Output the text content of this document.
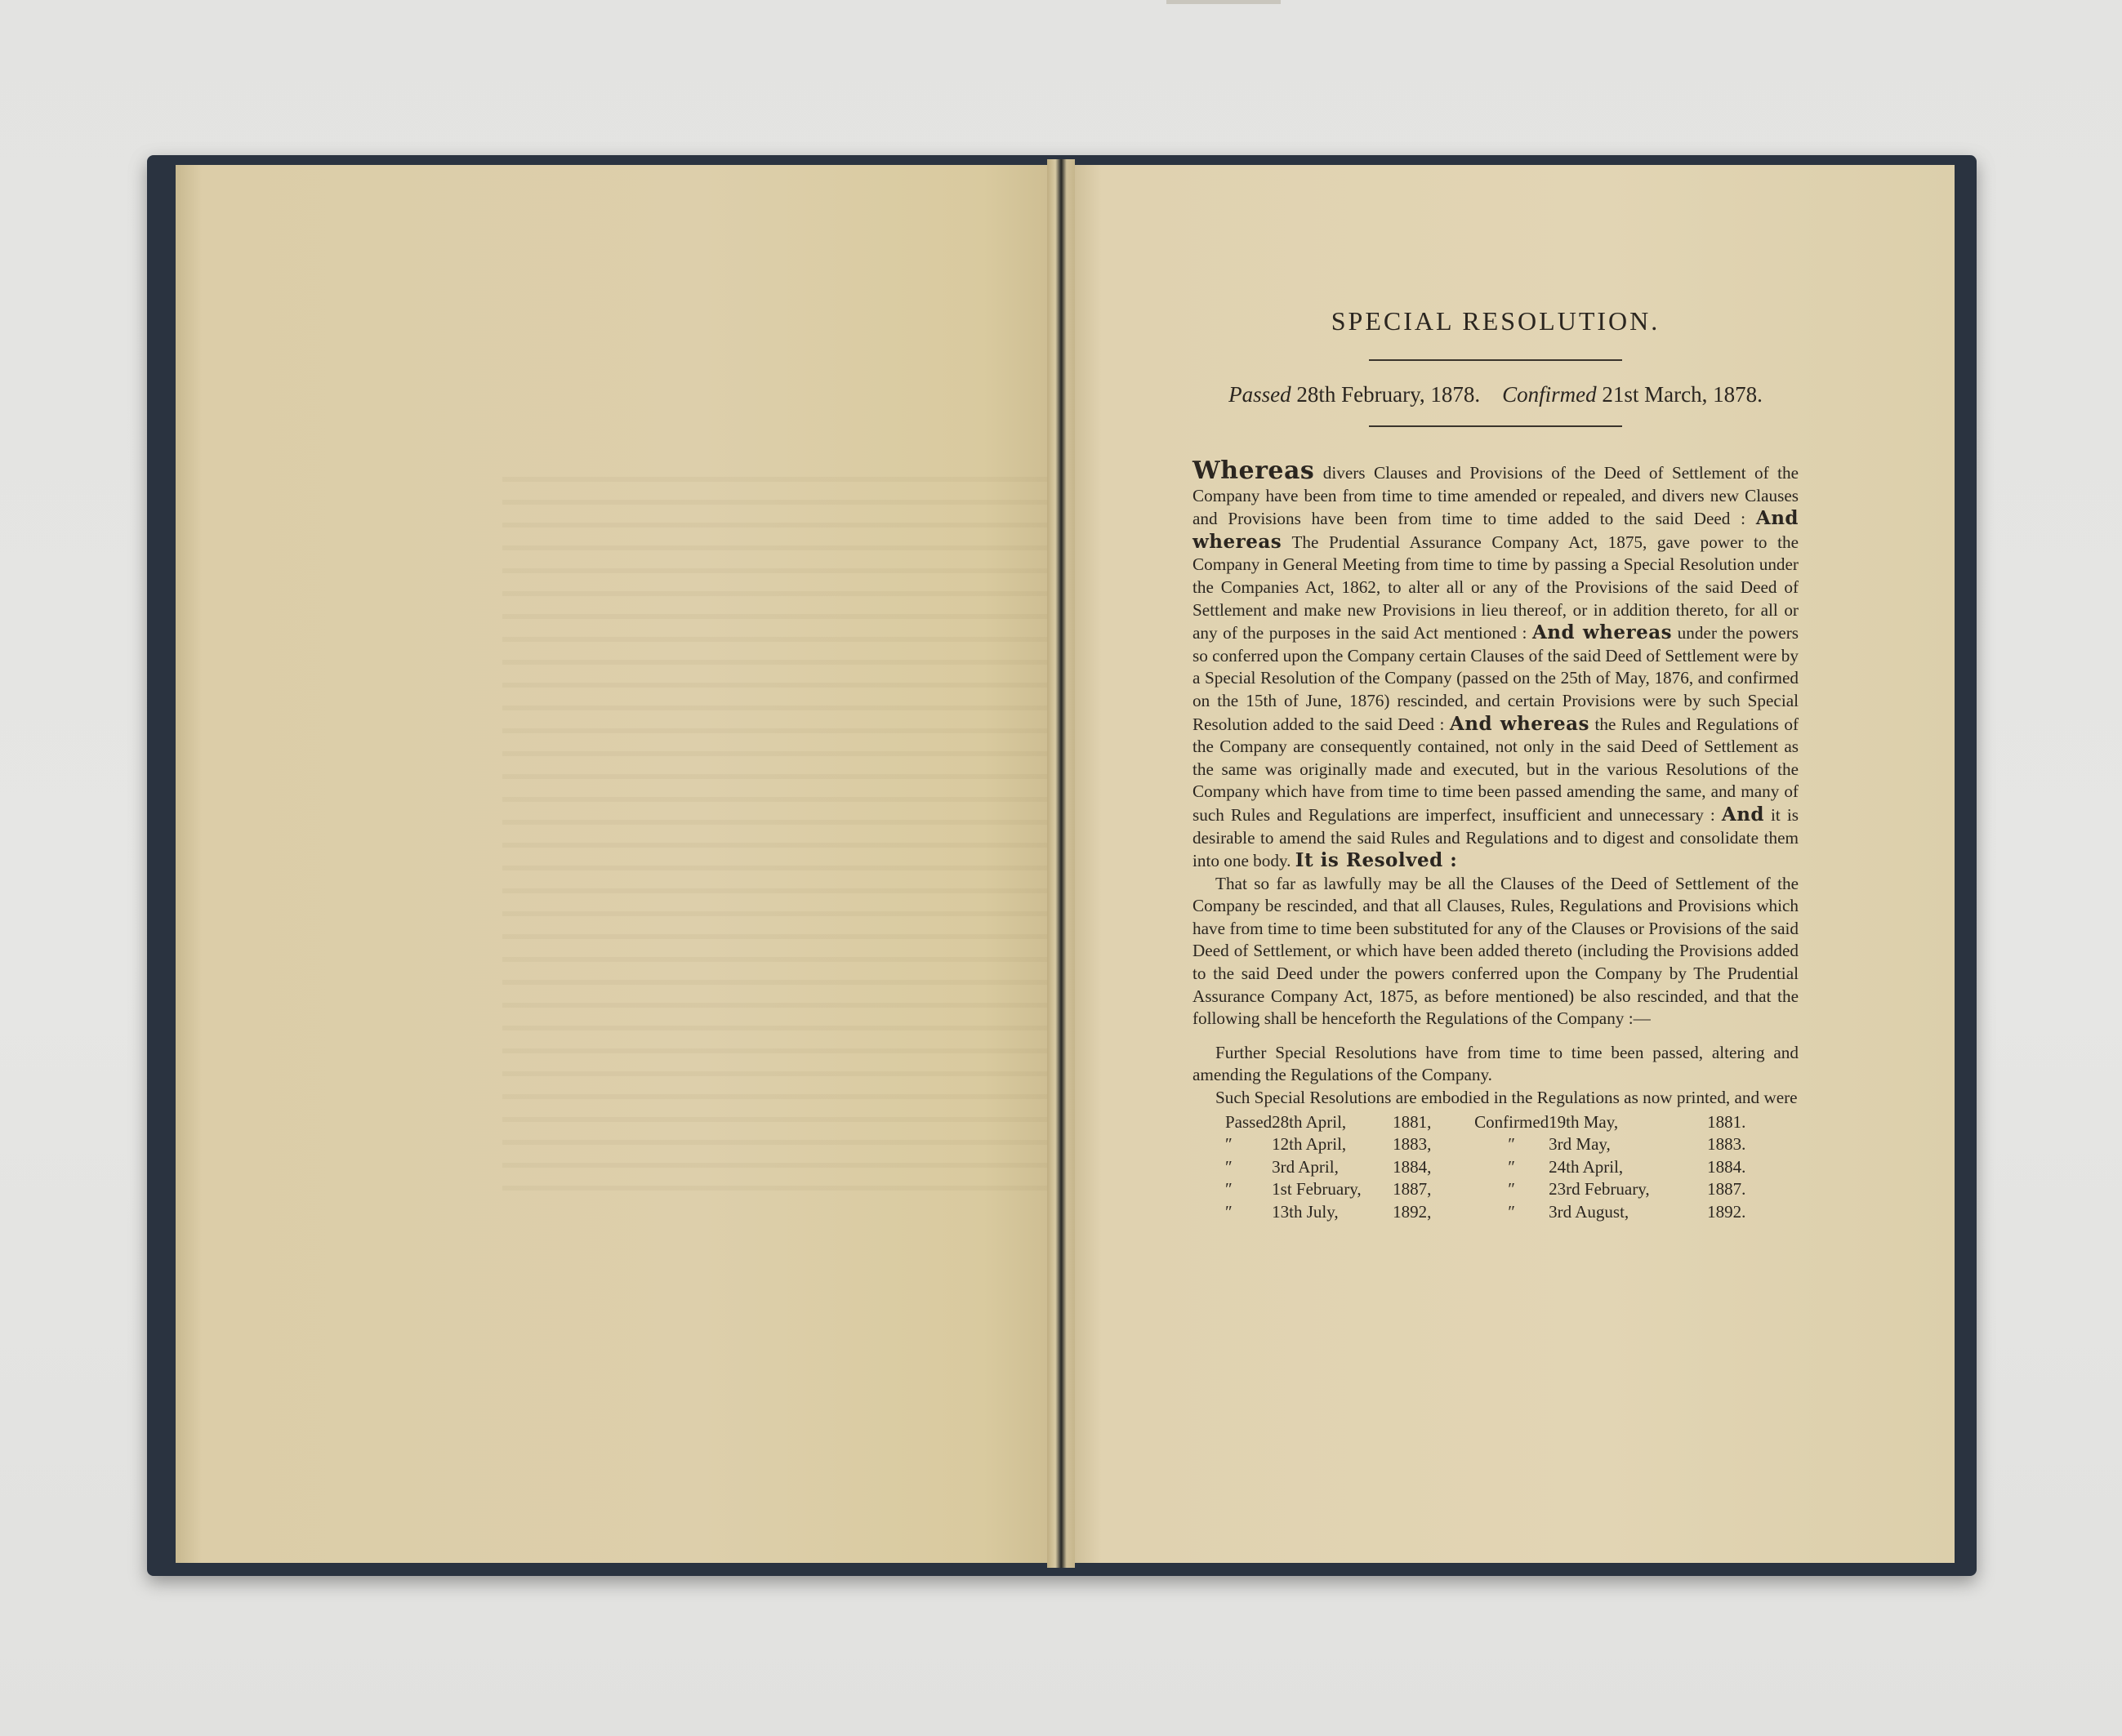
SPECIAL RESOLUTION.
Passed 28th February, 1878. Confirmed 21st March, 1878.

Whereas divers Clauses and Provisions of the Deed of Settlement of the Company have been from time to time amended or repealed, and divers new Clauses and Provisions have been from time to time added to the said Deed : And whereas The Prudential Assurance Company Act, 1875, gave power to the Company in General Meeting from time to time by passing a Special Resolution under the Companies Act, 1862, to alter all or any of the Provisions of the said Deed of Settlement and make new Provisions in lieu thereof, or in addition thereto, for all or any of the purposes in the said Act mentioned : And whereas under the powers so conferred upon the Company certain Clauses of the said Deed of Settlement were by a Special Resolution of the Company (passed on the 25th of May, 1876, and confirmed on the 15th of June, 1876) rescinded, and certain Provisions were by such Special Resolution added to the said Deed : And whereas the Rules and Regulations of the Company are consequently contained, not only in the said Deed of Settlement as the same was originally made and executed, but in the various Resolutions of the Company which have from time to time been passed amending the same, and many of such Rules and Regulations are imperfect, insufficient and unnecessary : And it is desirable to amend the said Rules and Regulations and to digest and consolidate them into one body. It is Resolved :

That so far as lawfully may be all the Clauses of the Deed of Settlement of the Company be rescinded, and that all Clauses, Rules, Regulations and Provisions which have from time to time been substituted for any of the Clauses or Provisions of the said Deed of Settlement, or which have been added thereto (including the Provisions added to the said Deed under the powers conferred upon the Company by The Prudential Assurance Company Act, 1875, as before mentioned) be also rescinded, and that the following shall be henceforth the Regulations of the Company :—

Further Special Resolutions have from time to time been passed, altering and amending the Regulations of the Company.

Such Special Resolutions are embodied in the Regulations as now printed, and were

Passed	28th April,	1881,	Confirmed	19th May,	1881.
″	12th April,	1883,	″	3rd May,	1883.
″	3rd April,	1884,	″	24th April,	1884.
″	1st February,	1887,	″	23rd February,	1887.
″	13th July,	1892,	″	3rd August,	1892.
